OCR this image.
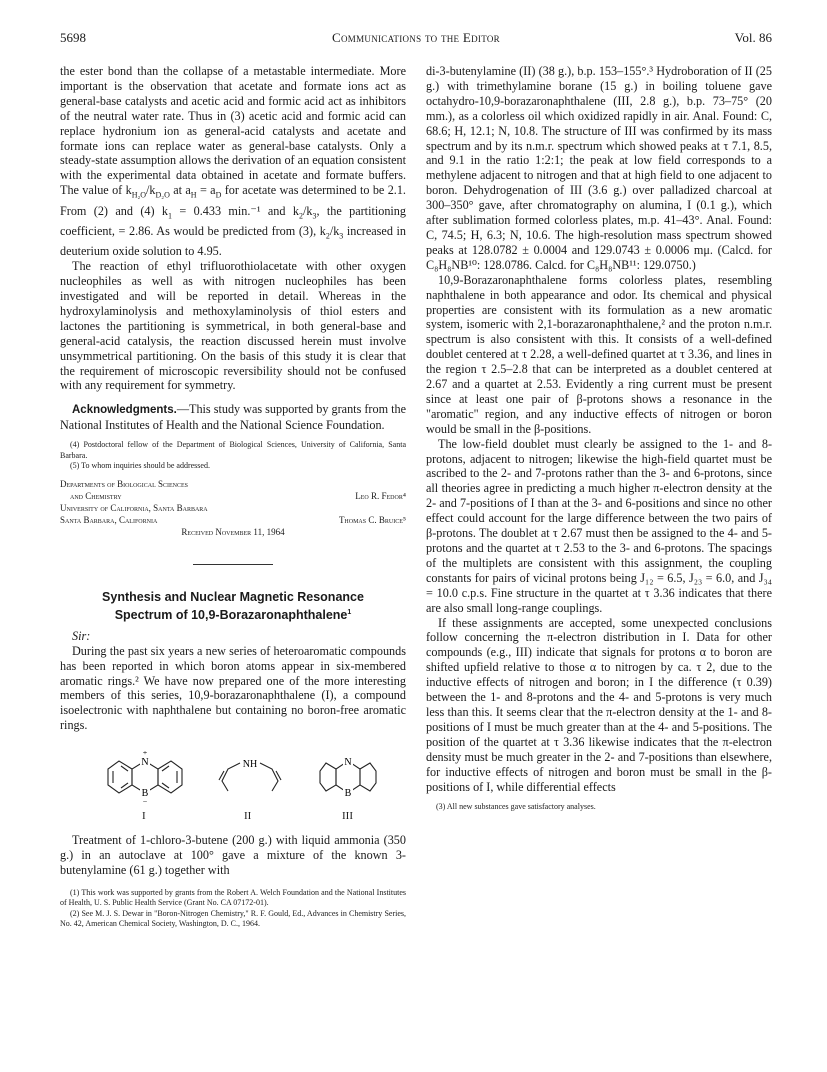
5698	Communications to the Editor	Vol. 86

the ester bond than the collapse of a metastable intermediate. More important is the observation that acetate and formate ions act as general-base catalysts and acetic acid and formic acid act as inhibitors of the neutral water rate. Thus in (3) acetic acid and formic acid can replace hydronium ion as general-acid catalysts and acetate and formate ions can replace water as general-base catalysts. Only a steady-state assumption allows the derivation of an equation consistent with the experimental data obtained in acetate and formate buffers. The value of $k_{H_2O}/k_{D_2O}$ at $a_H = a_D$ for acetate was determined to be 2.1. From (2) and (4) $k_1 = 0.433$ min.⁻¹ and $k_2/k_3$, the partitioning coefficient, = 2.86. As would be predicted from (3), $k_2/k_3$ increased in deuterium oxide solution to 4.95.

The reaction of ethyl trifluorothiolacetate with other oxygen nucleophiles as well as with nitrogen nucleophiles has been investigated and will be reported in detail. Whereas in the hydroxylaminolysis and methoxylaminolysis of thiol esters and lactones the partitioning is symmetrical, in both general-base and general-acid catalysis, the reaction discussed herein must involve unsymmetrical partitioning. On the basis of this study it is clear that the requirement of microscopic reversibility should not be confused with any requirement for symmetry.

Acknowledgments.—This study was supported by grants from the National Institutes of Health and the National Science Foundation.

(4) Postdoctoral fellow of the Department of Biological Sciences, University of California, Santa Barbara.
(5) To whom inquiries should be addressed.
Departments of Biological Sciences
and Chemistry	Leo R. Fedor⁴
University of California, Santa Barbara
Santa Barbara, California	Thomas C. Bruice⁵
Received November 11, 1964
Synthesis and Nuclear Magnetic Resonance
Spectrum of 10,9-Borazaronaphthalene$^1$

Sir:

During the past six years a new series of heteroaromatic compounds has been reported in which boron atoms appear in six-membered aromatic rings.² We have now prepared one of the more interesting members of this series, 10,9-borazaronaphthalene (I), a compound isoelectronic with naphthalene but containing no boron-free aromatic rings.

N
+
B
−
NH	N
B
I	II	III

Treatment of 1-chloro-3-butene (200 g.) with liquid ammonia (350 g.) in an autoclave at 100° gave a mixture of the known 3-butenylamine (61 g.) together with

(1) This work was supported by grants from the Robert A. Welch Foundation and the National Institutes of Health, U. S. Public Health Service (Grant No. CA 07172-01).
(2) See M. J. S. Dewar in "Boron-Nitrogen Chemistry," R. F. Gould, Ed., Advances in Chemistry Series, No. 42, American Chemical Society, Washington, D. C., 1964.

di-3-butenylamine (II) (38 g.), b.p. 153–155°.³ Hydroboration of II (25 g.) with trimethylamine borane (15 g.) in boiling toluene gave octahydro-10,9-borazaronaphthalene (III, 2.8 g.), b.p. 73–75° (20 mm.), as a colorless oil which oxidized rapidly in air. Anal. Found: C, 68.6; H, 12.1; N, 10.8. The structure of III was confirmed by its mass spectrum and by its n.m.r. spectrum which showed peaks at τ 7.1, 8.5, and 9.1 in the ratio 1:2:1; the peak at low field corresponds to a methylene adjacent to nitrogen and that at high field to one adjacent to boron. Dehydrogenation of III (3.6 g.) over palladized charcoal at 300–350° gave, after chromatography on alumina, I (0.1 g.), which after sublimation formed colorless plates, m.p. 41–43°. Anal. Found: C, 74.5; H, 6.3; N, 10.6. The high-resolution mass spectrum showed peaks at 128.0782 ± 0.0004 and 129.0743 ± 0.0006 mμ. (Calcd. for C₈H₈NB¹⁰: 128.0786. Calcd. for C₈H₈NB¹¹: 129.0750.)

10,9-Borazaronaphthalene forms colorless plates, resembling naphthalene in both appearance and odor. Its chemical and physical properties are consistent with its formulation as a new aromatic system, isomeric with 2,1-borazaronaphthalene,² and the proton n.m.r. spectrum is also consistent with this. It consists of a well-defined doublet centered at τ 2.28, a well-defined quartet at τ 3.36, and lines in the region τ 2.5–2.8 that can be interpreted as a doublet centered at 2.67 and a quartet at 2.53. Evidently a ring current must be present since at least one pair of β-protons shows a resonance in the "aromatic" region, and any inductive effects of nitrogen or boron would be small in the β-positions.

The low-field doublet must clearly be assigned to the 1- and 8-protons, adjacent to nitrogen; likewise the high-field quartet must be ascribed to the 2- and 7-protons rather than the 3- and 6-protons, since all theories agree in predicting a much higher π-electron density at the 2- and 7-positions of I than at the 3- and 6-positions and since no other effect could account for the large difference between the two pairs of β-protons. The doublet at τ 2.67 must then be assigned to the 4- and 5-protons and the quartet at τ 2.53 to the 3- and 6-protons. The spacings of the multiplets are consistent with this assignment, the coupling constants for pairs of vicinal protons being J₁₂ = 6.5, J₂₃ = 6.0, and J₃₄ = 10.0 c.p.s. Fine structure in the quartet at τ 3.36 indicates that there are also small long-range couplings.

If these assignments are accepted, some unexpected conclusions follow concerning the π-electron distribution in I. Data for other compounds (e.g., III) indicate that signals for protons α to boron are shifted upfield relative to those α to nitrogen by ca. τ 2, due to the inductive effects of nitrogen and boron; in I the difference (τ 0.39) between the 1- and 8-protons and the 4- and 5-protons is very much less than this. It seems clear that the π-electron density at the 1- and 8-positions of I must be much greater than at the 4- and 5-positions. The position of the quartet at τ 3.36 likewise indicates that the π-electron density must be much greater in the 2- and 7-positions than elsewhere, for inductive effects of nitrogen and boron must be small in the β-positions of I, while differential effects

(3) All new substances gave satisfactory analyses.
